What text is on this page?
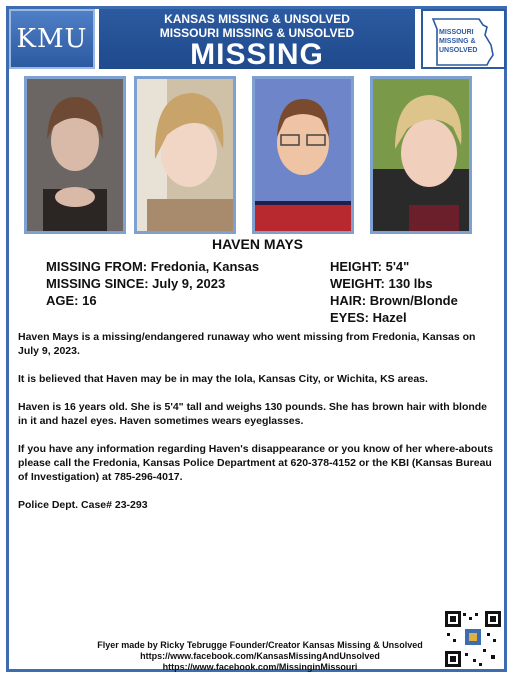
KMU
KANSAS MISSING & UNSOLVED
MISSOURI MISSING & UNSOLVED
MISSING
MISSOURI
MISSING &
UNSOLVED
HAVEN MAYS
MISSING FROM: Fredonia, Kansas
MISSING SINCE: July 9, 2023
AGE: 16
HEIGHT: 5'4"
WEIGHT: 130 lbs
HAIR: Brown/Blonde
EYES: Hazel
Haven Mays is a missing/endangered runaway who went missing from Fredonia, Kansas on July 9, 2023.
It is believed that Haven may be in may the Iola, Kansas City, or Wichita, KS areas.
Haven is 16 years old. She is 5'4" tall and weighs 130 pounds. She has brown hair with blonde in it and hazel eyes. Haven sometimes wears eyeglasses.
If you have any information regarding Haven's disappearance or you know of her where-abouts please call the Fredonia, Kansas Police Department at 620-378-4152 or the KBI (Kansas Bureau of Investigation) at 785-296-4017.
Police Dept. Case# 23-293
Flyer made by Ricky Tebrugge Founder/Creator Kansas Missing & Unsolved
https://www.facebook.com/KansasMissingAndUnsolved
https://www.facebook.com/MissinginMissouri
